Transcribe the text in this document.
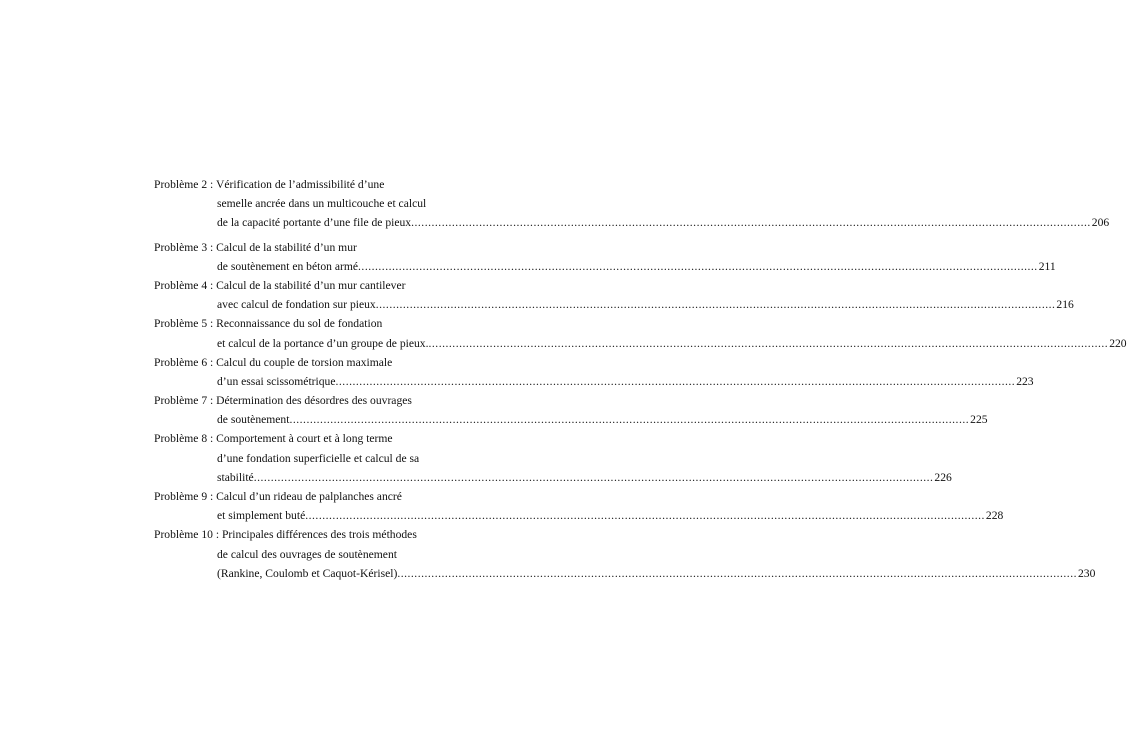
Problème 2 : Vérification de l’admissibilité d’une
semelle ancrée dans un multicouche et calcul
de la capacité portante d’une file de pieux ........................................................................................................................................................................................................ 206
Problème 3 : Calcul de la stabilité d’un mur
de soutènement en béton armé ........................................................................................................................................................................................................ 211
Problème 4 : Calcul de la stabilité d’un mur cantilever
avec calcul de fondation sur pieux ........................................................................................................................................................................................................ 216
Problème 5 : Reconnaissance du sol de fondation
et calcul de la portance d’un groupe de pieux. ........................................................................................................................................................................................................ 220
Problème 6 : Calcul du couple de torsion maximale
d’un essai scissométrique ........................................................................................................................................................................................................ 223
Problème 7 : Détermination des désordres des ouvrages
de soutènement ........................................................................................................................................................................................................ 225
Problème 8 : Comportement à court et à long terme
d’une fondation superficielle et calcul de sa
stabilité ........................................................................................................................................................................................................ 226
Problème 9 : Calcul d’un rideau de palplanches ancré
et simplement buté ........................................................................................................................................................................................................ 228
Problème 10 : Principales différences des trois méthodes
de calcul des ouvrages de soutènement
(Rankine, Coulomb et Caquot-Kérisel) ........................................................................................................................................................................................................ 230
